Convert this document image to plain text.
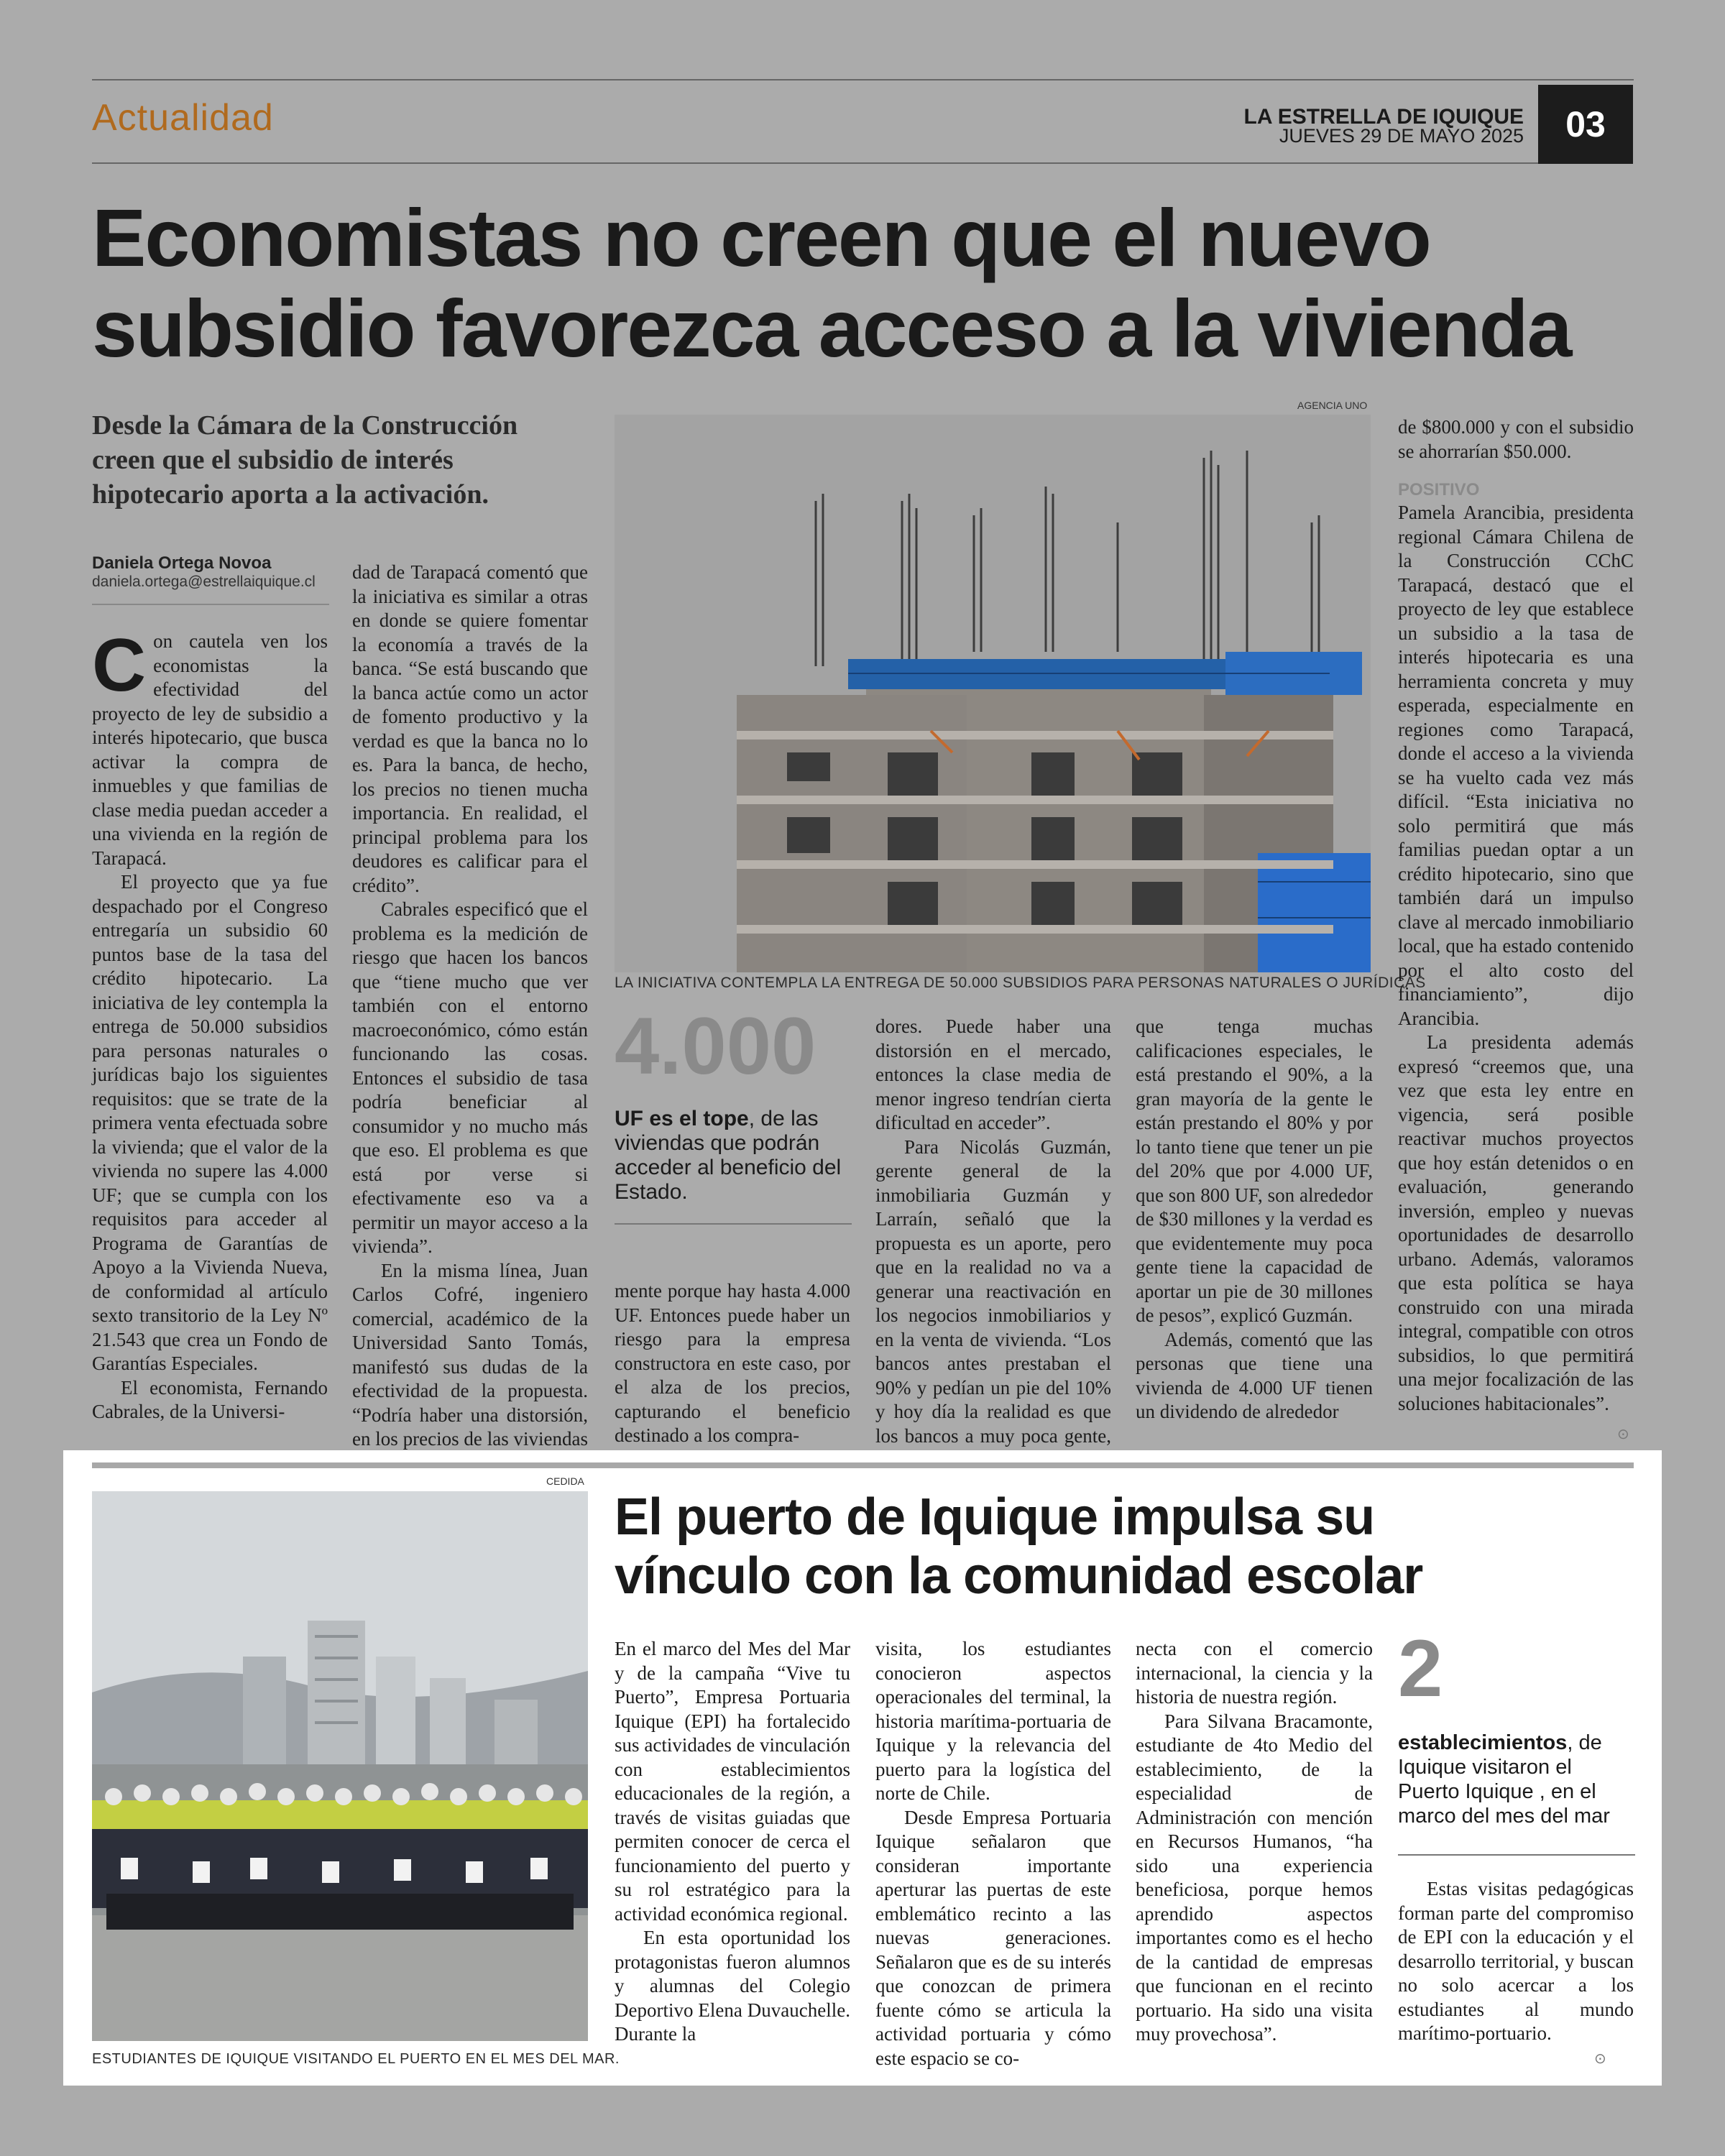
Actualidad	LA ESTRELLA DE IQUIQUE
JUEVES 29 DE MAYO 2025	03
Economistas no creen que el nuevo
subsidio favorezca acceso a la vivienda
Desde la Cámara de la Construcción
creen que el subsidio de interés
hipotecario aporta a la activación.
Daniela Ortega Novoa
daniela.ortega@estrellaiquique.cl

Con cautela ven los economistas la efectividad del proyecto de ley de subsidio a interés hipotecario, que busca activar la compra de inmuebles y que familias de clase media puedan acceder a una vivienda en la región de Tarapacá.

El proyecto que ya fue despachado por el Congreso entregaría un subsidio 60 puntos base de la tasa del crédito hipotecario. La iniciativa de ley contempla la entrega de 50.000 subsidios para personas naturales o jurídicas bajo los siguientes requisitos: que se trate de la primera venta efectuada sobre la vivienda; que el valor de la vivienda no supere las 4.000 UF; que se cumpla con los requisitos para acceder al Programa de Garantías de Apoyo a la Vivienda Nueva, de conformidad al artículo sexto transitorio de la Ley Nº 21.543 que crea un Fondo de Garantías Especiales.

El economista, Fernando Cabrales, de la Universi-

dad de Tarapacá comentó que la iniciativa es similar a otras en donde se quiere fomentar la economía a través de la banca. “Se está buscando que la banca actúe como un actor de fomento productivo y la verdad es que la banca no lo es. Para la banca, de hecho, los precios no tienen mucha importancia. En realidad, el principal problema para los deudores es calificar para el crédito”.

Cabrales especificó que el problema es la medición de riesgo que hacen los bancos que “tiene mucho que ver también con el entorno macroeconómico, cómo están funcionando las cosas. Entonces el subsidio de tasa podría beneficiar al consumidor y no mucho más que eso. El problema es que está por verse si efectivamente eso va a permitir un mayor acceso a la vivienda”.

En la misma línea, Juan Carlos Cofré, ingeniero comercial, académico de la Universidad Santo Tomás, manifestó sus dudas de la efectividad de la propuesta. “Podría haber una distorsión, en los precios de las viviendas

AGENCIA UNO
LA INICIATIVA CONTEMPLA LA ENTREGA DE 50.000 SUBSIDIOS PARA PERSONAS NATURALES O JURÍDICAS
4.000
UF es el tope, de las viviendas que podrán acceder al beneficio del Estado.

mente porque hay hasta 4.000 UF. Entonces puede haber un riesgo para la empresa constructora en este caso, por el alza de los precios, capturando el beneficio destinado a los compra-

dores. Puede haber una distorsión en el mercado, entonces la clase media de menor ingreso tendrían cierta dificultad en acceder”.

Para Nicolás Guzmán, gerente general de la inmobiliaria Guzmán y Larraín, señaló que la propuesta es un aporte, pero que en la realidad no va a generar una reactivación en los negocios inmobiliarios y en la venta de vivienda. “Los bancos antes prestaban el 90% y pedían un pie del 10% y hoy día la realidad es que los bancos a muy poca gente,

que tenga muchas calificaciones especiales, le está prestando el 90%, a la gran mayoría de la gente le están prestando el 80% y por lo tanto tiene que tener un pie del 20% que por 4.000 UF, que son 800 UF, son alrededor de $30 millones y la verdad es que evidentemente muy poca gente tiene la capacidad de aportar un pie de 30 millones de pesos”, explicó Guzmán.

Además, comentó que las personas que tiene una vivienda de 4.000 UF tienen un dividendo de alrededor

de $800.000 y con el subsidio se ahorrarían $50.000.

POSITIVO

Pamela Arancibia, presidenta regional Cámara Chilena de la Construcción CChC Tarapacá, destacó que el proyecto de ley que establece un subsidio a la tasa de interés hipotecaria es una herramienta concreta y muy esperada, especialmente en regiones como Tarapacá, donde el acceso a la vivienda se ha vuelto cada vez más difícil. “Esta iniciativa no solo permitirá que más familias puedan optar a un crédito hipotecario, sino que también dará un impulso clave al mercado inmobiliario local, que ha estado contenido por el alto costo del financiamiento”, dijo Arancibia.

La presidenta además expresó “creemos que, una vez que esta ley entre en vigencia, será posible reactivar muchos proyectos que hoy están detenidos o en evaluación, generando inversión, empleo y nuevas oportunidades de desarrollo urbano. Además, valoramos que esta política se haya construido con una mirada integral, compatible con otros subsidios, lo que permitirá una mejor focalización de las soluciones habitacionales”.

⊙
CEDIDA
ESTUDIANTES DE IQUIQUE VISITANDO EL PUERTO EN EL MES DEL MAR.
El puerto de Iquique impulsa su
vínculo con la comunidad escolar

En el marco del Mes del Mar y de la campaña “Vive tu Puerto”, Empresa Portuaria Iquique (EPI) ha fortalecido sus actividades de vinculación con establecimientos educacionales de la región, a través de visitas guiadas que permiten conocer de cerca el funcionamiento del puerto y su rol estratégico para la actividad económica regional.

En esta oportunidad los protagonistas fueron alumnos y alumnas del Colegio Deportivo Elena Duvauchelle. Durante la

visita, los estudiantes conocieron aspectos operacionales del terminal, la historia marítima-portuaria de Iquique y la relevancia del puerto para la logística del norte de Chile.

Desde Empresa Portuaria Iquique señalaron que consideran importante aperturar las puertas de este emblemático recinto a las nuevas generaciones. Señalaron que es de su interés que conozcan de primera fuente cómo se articula la actividad portuaria y cómo este espacio se co-

necta con el comercio internacional, la ciencia y la historia de nuestra región.

Para Silvana Bracamonte, estudiante de 4to Medio del establecimiento, de la especialidad de Administración con mención en Recursos Humanos, “ha sido una experiencia beneficiosa, porque hemos aprendido aspectos importantes como es el hecho de la cantidad de empresas que funcionan en el recinto portuario. Ha sido una visita muy provechosa”.

2
establecimientos, de Iquique visitaron el Puerto Iquique , en el marco del mes del mar

Estas visitas pedagógicas forman parte del compromiso de EPI con la educación y el desarrollo territorial, y buscan no solo acercar a los estudiantes al mundo marítimo-portuario.

⊙
